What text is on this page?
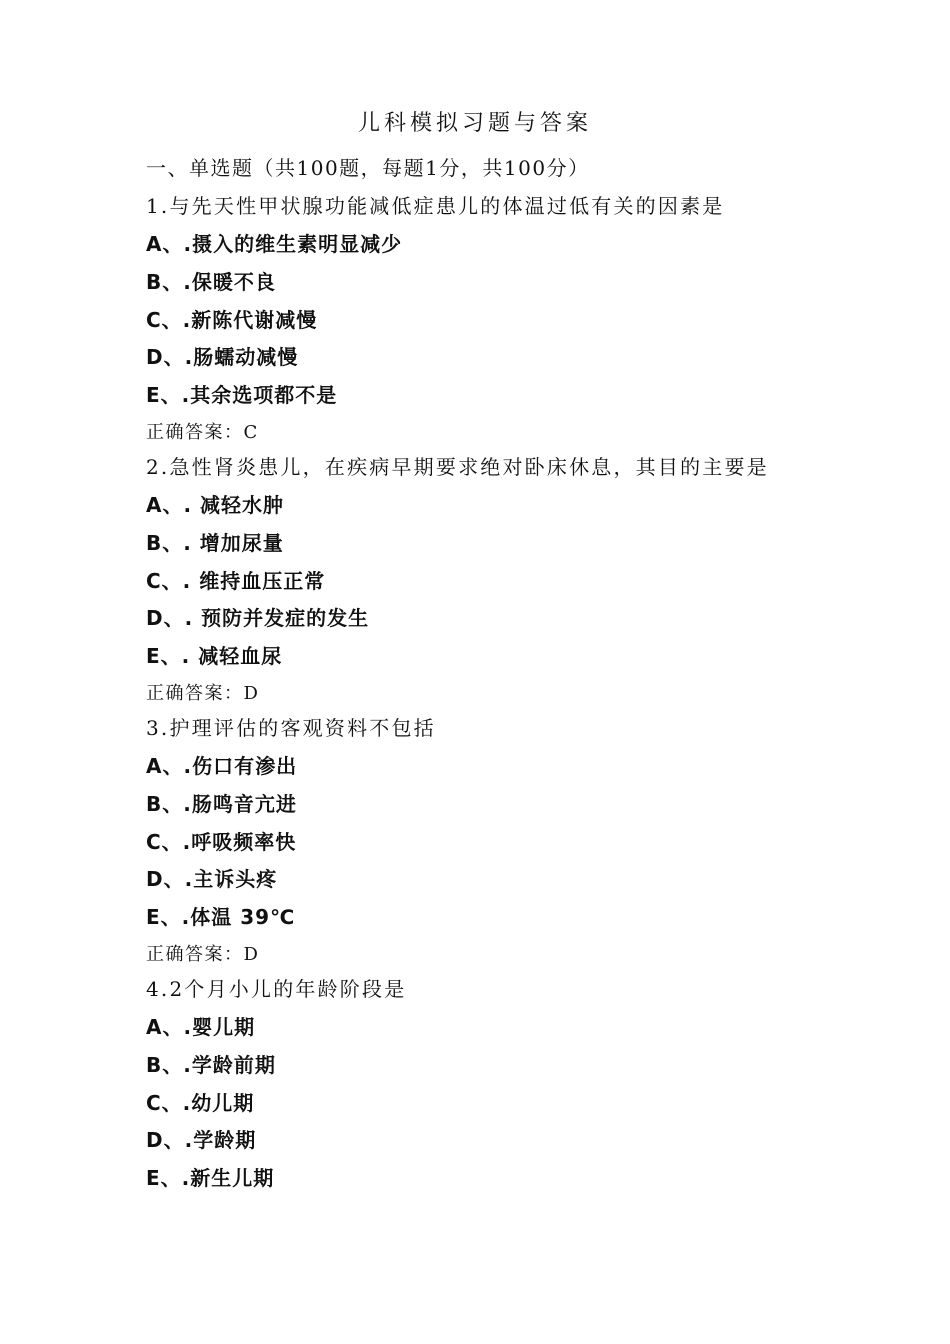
儿科模拟习题与答案
一、单选题（共100题，每题1分，共100分）
1.与先天性甲状腺功能减低症患儿的体温过低有关的因素是
A、.摄入的维生素明显减少
B、.保暖不良
C、.新陈代谢减慢
D、.肠蠕动减慢
E、.其余选项都不是
正确答案：C
2.急性肾炎患儿，在疾病早期要求绝对卧床休息，其目的主要是
A、. 减轻水肿
B、. 增加尿量
C、. 维持血压正常
D、. 预防并发症的发生
E、. 减轻血尿
正确答案：D
3.护理评估的客观资料不包括
A、.伤口有渗出
B、.肠鸣音亢进
C、.呼吸频率快
D、.主诉头疼
E、.体温 39℃
正确答案：D
4.2个月小儿的年龄阶段是
A、.婴儿期
B、.学龄前期
C、.幼儿期
D、.学龄期
E、.新生儿期
